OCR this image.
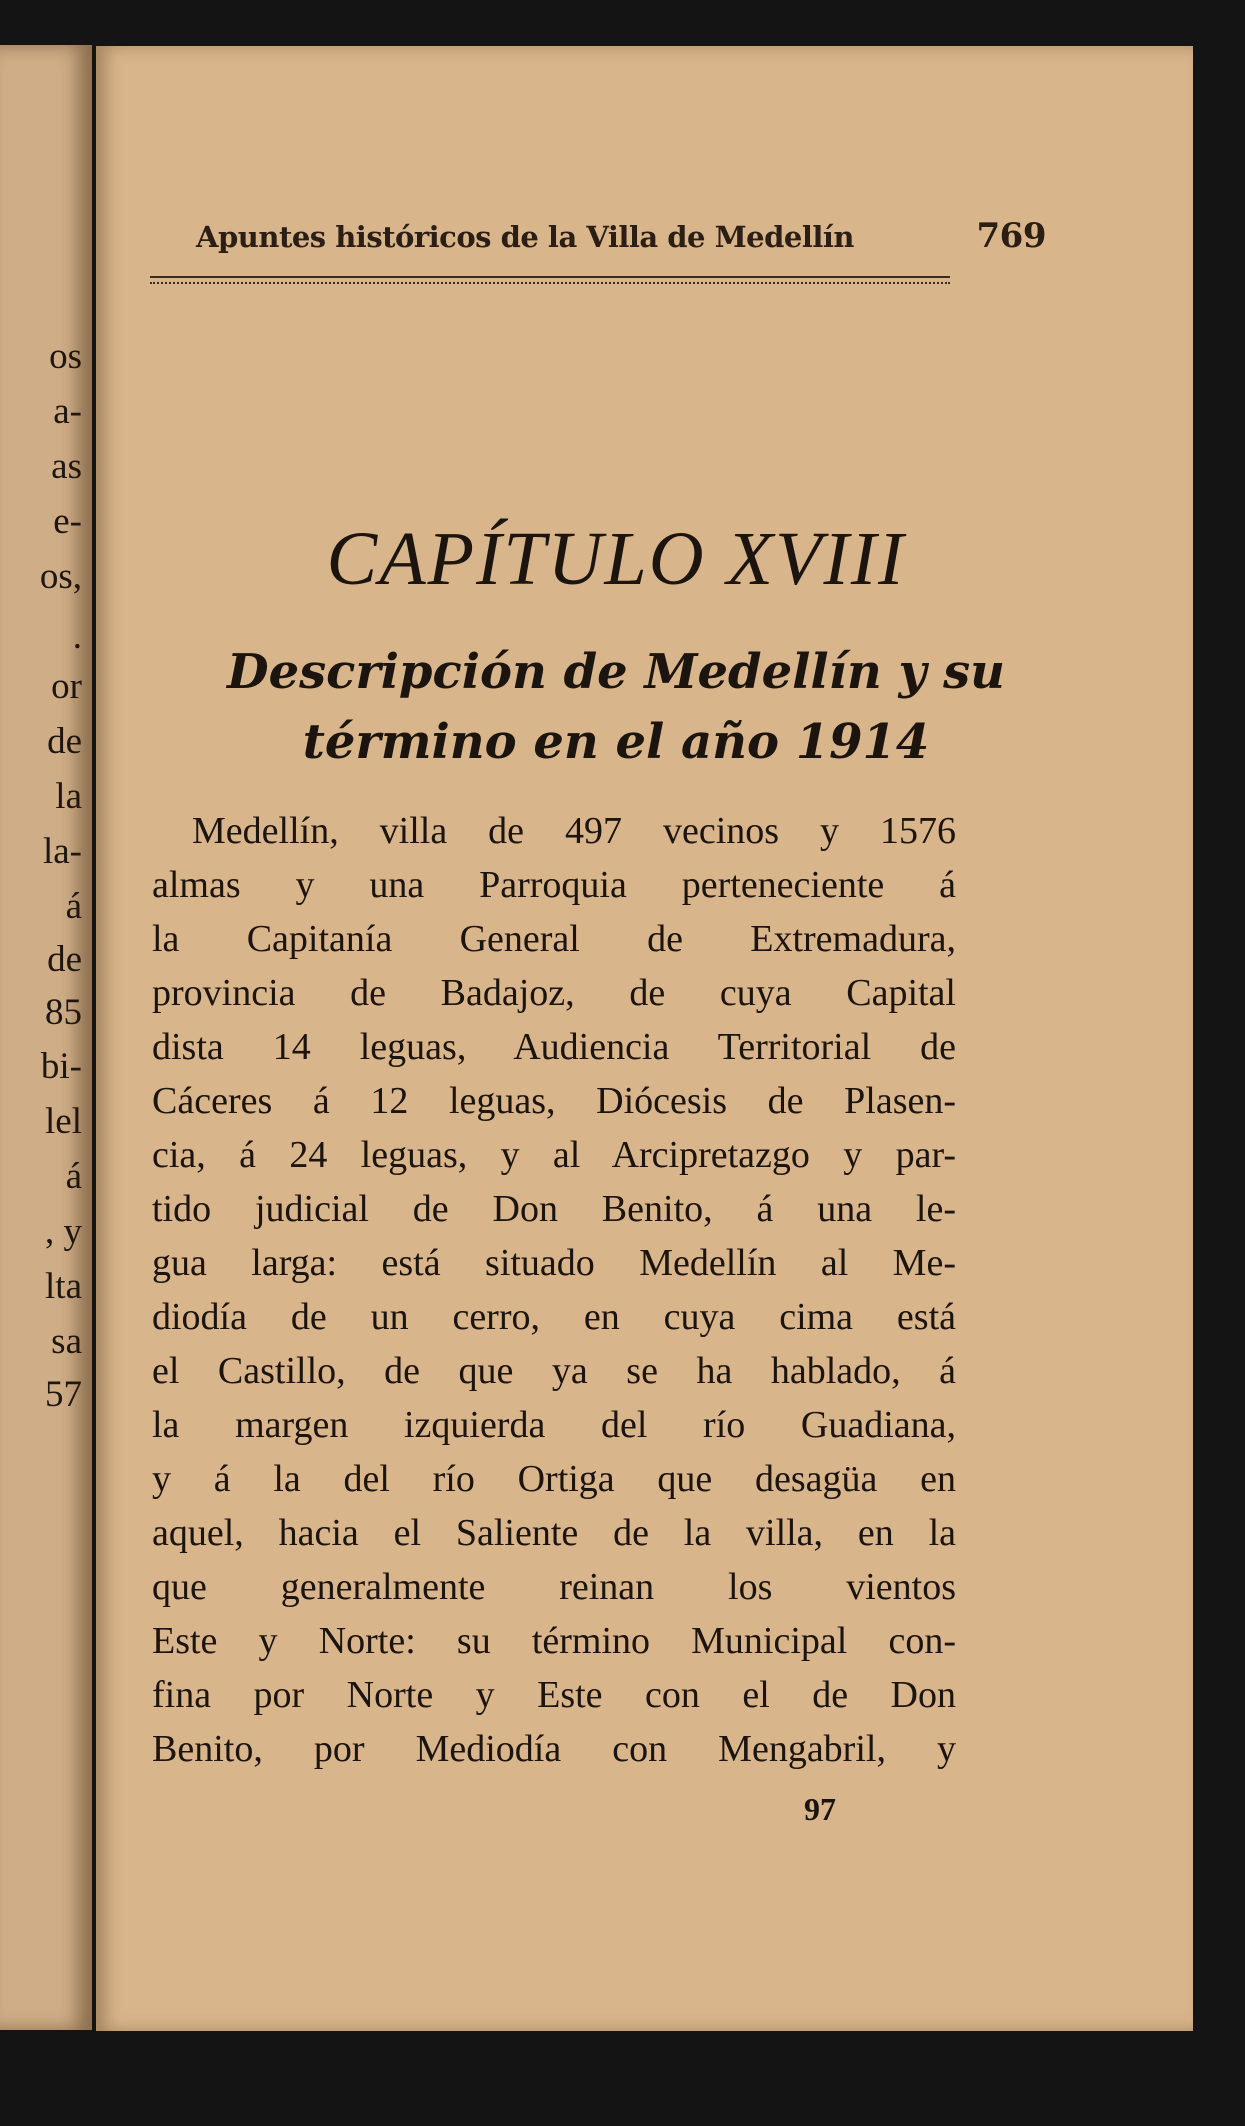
os
a-
as
e-
os,
.
or
de
la
la-
á
de
85
bi-
lel
á
, y
lta
sa
57
Apuntes históricos de la Villa de Medellín	769
CAPÍTULO XVIII
Descripción de Medellín y su
término en el año 1914
Medellín, villa de 497 vecinos y 1576
almas y una Parroquia perteneciente á
la Capitanía General de Extremadura,
provincia de Badajoz, de cuya Capital
dista 14 leguas, Audiencia Territorial de
Cáceres á 12 leguas, Diócesis de Plasen-
cia, á 24 leguas, y al Arcipretazgo y par-
tido judicial de Don Benito, á una le-
gua larga: está situado Medellín al Me-
diodía de un cerro, en cuya cima está
el Castillo, de que ya se ha hablado, á
la margen izquierda del río Guadiana,
y á la del río Ortiga que desagüa en
aquel, hacia el Saliente de la villa, en la
que generalmente reinan los vientos
Este y Norte: su término Municipal con-
fina por Norte y Este con el de Don
Benito, por Mediodía con Mengabril, y
97
